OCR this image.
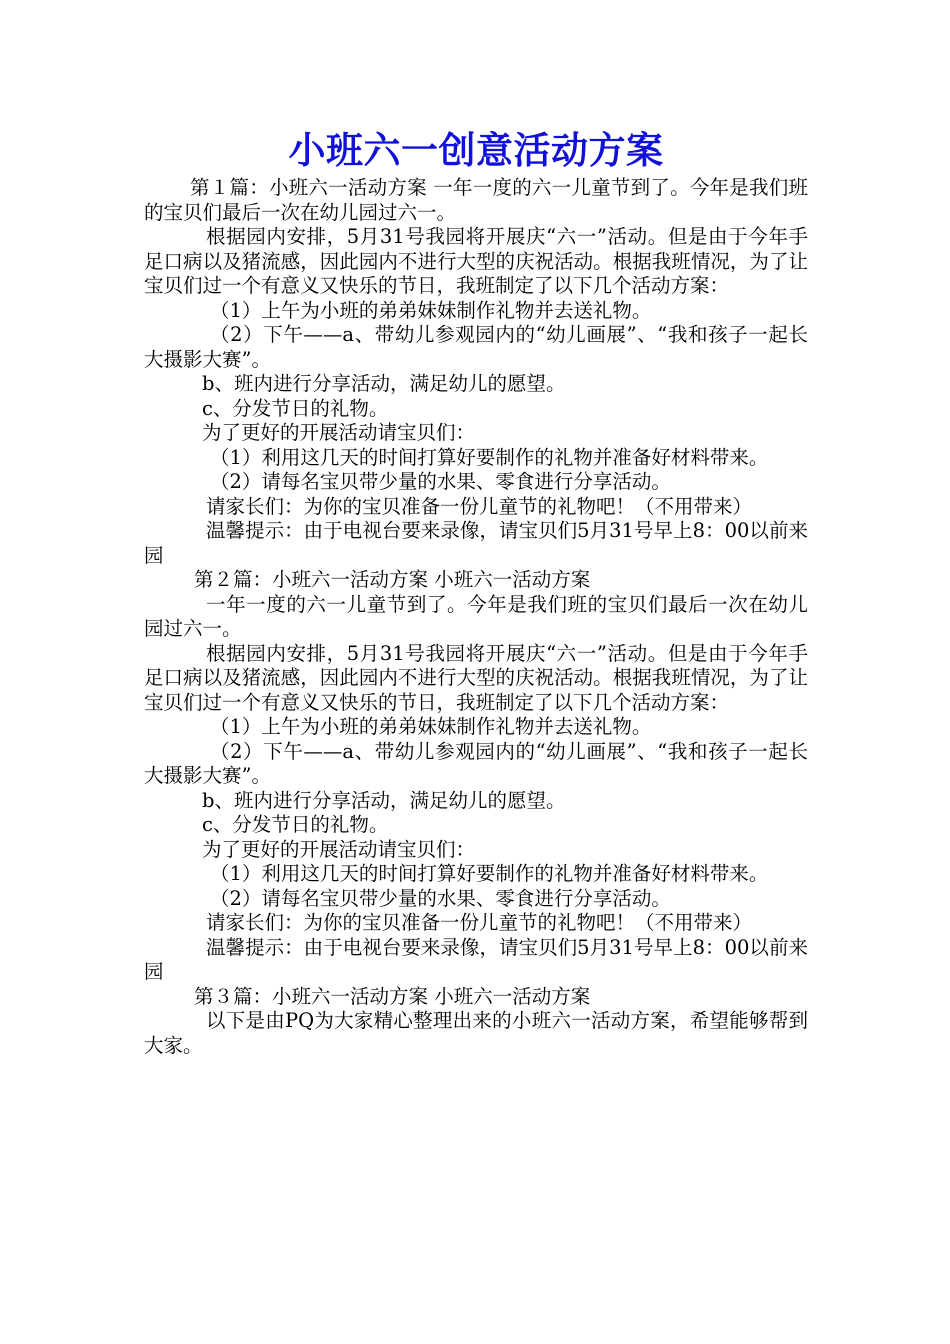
小班六一创意活动方案

第１篇：小班六一活动方案 一年一度的六一儿童节到了。今年是我们班的宝贝们最后一次在幼儿园过六一。

根据园内安排，5月31号我园将开展庆“六一”活动。但是由于今年手足口病以及猪流感，因此园内不进行大型的庆祝活动。根据我班情况，为了让宝贝们过一个有意义又快乐的节日，我班制定了以下几个活动方案：

（1）上午为小班的弟弟妹妹制作礼物并去送礼物。

（2）下午——a、带幼儿参观园内的“幼儿画展”、“我和孩子一起长大摄影大赛”。

b、班内进行分享活动，满足幼儿的愿望。

c、分发节日的礼物。

为了更好的开展活动请宝贝们：

（1）利用这几天的时间打算好要制作的礼物并准备好材料带来。

（2）请每名宝贝带少量的水果、零食进行分享活动。

请家长们：为你的宝贝准备一份儿童节的礼物吧！（不用带来）

温馨提示：由于电视台要来录像，请宝贝们5月31号早上8：00以前来园

第２篇：小班六一活动方案 小班六一活动方案

一年一度的六一儿童节到了。今年是我们班的宝贝们最后一次在幼儿园过六一。

根据园内安排，5月31号我园将开展庆“六一”活动。但是由于今年手足口病以及猪流感，因此园内不进行大型的庆祝活动。根据我班情况，为了让宝贝们过一个有意义又快乐的节日，我班制定了以下几个活动方案：

（1）上午为小班的弟弟妹妹制作礼物并去送礼物。

（2）下午——a、带幼儿参观园内的“幼儿画展”、“我和孩子一起长大摄影大赛”。

b、班内进行分享活动，满足幼儿的愿望。

c、分发节日的礼物。

为了更好的开展活动请宝贝们：

（1）利用这几天的时间打算好要制作的礼物并准备好材料带来。

（2）请每名宝贝带少量的水果、零食进行分享活动。

请家长们：为你的宝贝准备一份儿童节的礼物吧！（不用带来）

温馨提示：由于电视台要来录像，请宝贝们5月31号早上8：00以前来园

第３篇：小班六一活动方案 小班六一活动方案

以下是由PQ为大家精心整理出来的小班六一活动方案，希望能够帮到大家。
